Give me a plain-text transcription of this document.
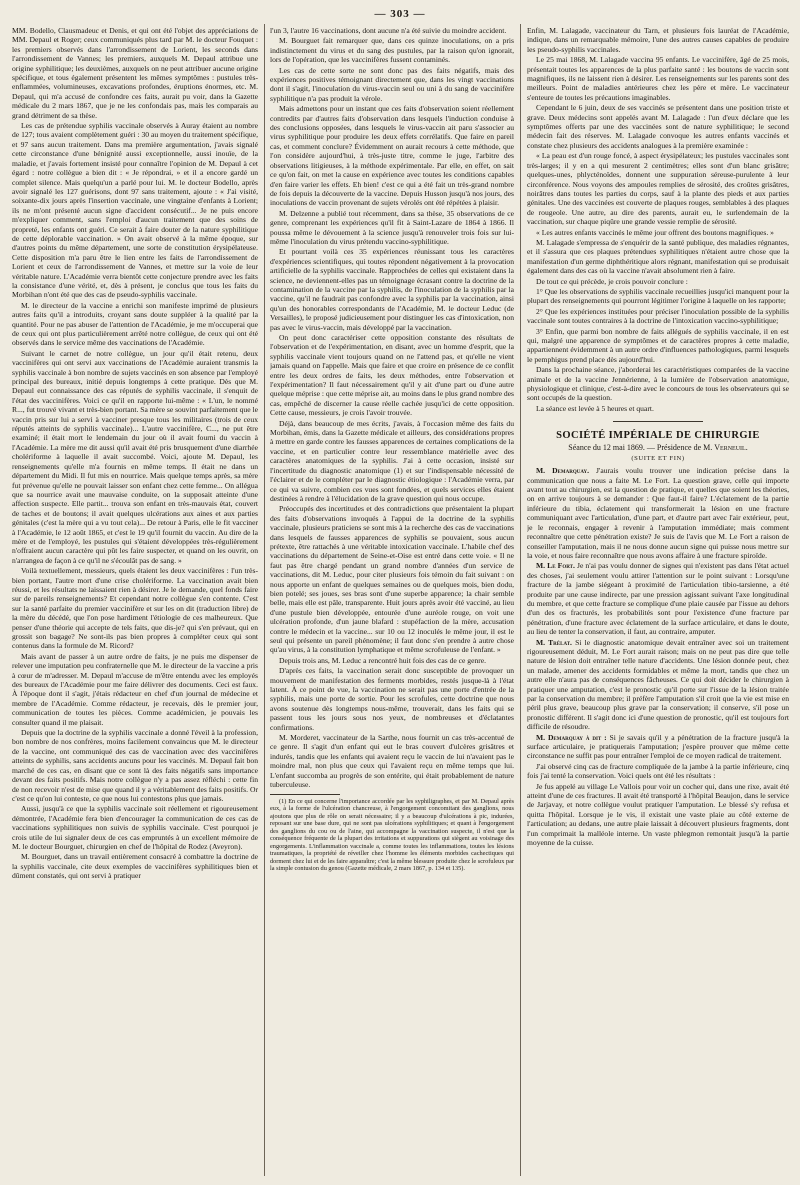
— 303 —

MM. Bodello, Clausmadeuc et Denis, et qui ont été l'objet des appréciations de MM. Depaul et Roger; ceux communiqués plus tard par M. le docteur Fouquet : les premiers observés dans l'arrondissement de Lorient, les seconds dans l'arrondissement de Vannes; les premiers, auxquels M. Depaul attribue une origine syphilitique; les deuxièmes, auxquels on ne peut attribuer aucune origine spécifique, et tous également présentent les mêmes symptômes : pustules très-enflammées, volumineuses, excavations profondes, éruptions énormes, etc. M. Depaul, qui m'a accusé de confondre ces faits, aurait pu voir, dans la Gazette médicale du 2 mars 1867, que je ne les confondais pas, mais les comparais au grand détriment de sa thèse.

Les cas de prétendue syphilis vaccinale observés à Auray étaient au nombre de 127; tous avaient complètement guéri : 30 au moyen du traitement spécifique, et 97 sans aucun traitement. Dans ma première argumentation, j'avais signalé cette circonstance d'une bénignité aussi exceptionnelle, aussi inouïe, de la maladie, et j'avais fortement insisté pour connaître l'opinion de M. Depaul à cet égard : notre collègue a bien dit : « Je répondrai, » et il a encore gardé un complet silence. Mais quelqu'un a parlé pour lui. M. le docteur Bodello, après avoir signalé les 127 guérisons, dont 97 sans traitement, ajoute : « J'ai visité, soixante-dix jours après l'insertion vaccinale, une vingtaine d'enfants à Lorient; ils ne m'ont présenté aucun signe d'accident consécutif... Je ne puis encore m'expliquer comment, sans l'emploi d'aucun traitement que des soins de propreté, les enfants ont guéri. Ce serait à faire douter de la nature syphilitique de cette déplorable vaccination. » On avait observé à la même époque, sur d'autres points du même département, une sorte de constitution érysipélateuse. Cette disposition m'a paru être le lien entre les faits de l'arrondissement de Lorient et ceux de l'arrondissement de Vannes, et mettre sur la voie de leur véritable nature. L'Académie verra bientôt cette conjecture prendre avec les faits la consistance d'une vérité, et, dès à présent, je conclus que tous les faits du Morbihan n'ont été que des cas de pseudo-syphilis vaccinale.

M. le directeur de la vaccine a enrichi son manifeste imprimé de plusieurs autres faits qu'il a introduits, croyant sans doute suppléer à la qualité par la quantité. Pour ne pas abuser de l'attention de l'Académie, je me m'occuperai que de ceux qui ont plus particulièrement arrêté notre collègue, de ceux qui ont été observés dans le service même des vaccinations de l'Académie.

Suivant le carnet de notre collègue, un jour qu'il était retenu, deux vaccinifères qui ont servi aux vaccinations de l'Académie auraient transmis la syphilis vaccinale à bon nombre de sujets vaccinés en son absence par l'employé principal des bureaux, initié depuis longtemps à cette pratique. Dès que M. Depaul eut connaissance des cas réputés de syphilis vaccinale, il s'enquit de l'état des vaccinifères. Voici ce qu'il en rapporte lui-même : « L'un, le nommé R..., fut trouvé vivant et très-bien portant. Sa mère se souvint parfaitement que le vaccin pris sur lui a servi à vacciner presque tous les militaires (trois de ceux réputés atteints de syphilis vaccinale)... L'autre vaccinifère, C..., ne put être examiné; il était mort le lendemain du jour où il avait fourni du vaccin à l'Académie. La mère me dit aussi qu'il avait été pris brusquement d'une diarrhée cholériforme à laquelle il avait succombé. Voici, ajoute M. Depaul, les renseignements qu'elle m'a fournis en même temps. Il était ne dans un département du Midi. Il fut mis en nourrice. Mais quelque temps après, sa mère fut prévenue qu'elle ne pouvait laisser son enfant chez cette femme... On allégua que sa nourrice avait une mauvaise conduite, on la supposait atteinte d'une affection suspecte. Elle partit... trouva son enfant en très-mauvais état, couvert de taches et de boutons; il avait quelques ulcérations aux aines et aux parties génitales (c'est la mère qui a vu tout cela)... De retour à Paris, elle le fit vacciner à l'Académie, le 12 août 1865, et c'est le 19 qu'il fournit du vaccin. Au dire de la mère et de l'employé, les pustules qui s'étaient développées très-régulièrement n'offraient aucun caractère qui pût les faire suspecter, et quand on les ouvrit, on n'arrangea de façon à ce qu'il ne s'écoulât pas de sang. »

Voilà textuellement, messieurs, quels étaient les deux vaccinifères : l'un très-bien portant, l'autre mort d'une crise cholériforme. La vaccination avait bien réussi, et les résultats ne laissaient rien à désirer. Je le demande, quel fonds faire sur de pareils renseignements? Et cependant notre collègue s'en contente. C'est sur la santé parfaite du premier vaccinifère et sur les on dit (traduction libre) de la mère du décédé, que l'on pose hardiment l'étiologie de ces malheureux. Que penser d'une théorie qui accepte de tels faits, que dis-je? qui s'en prévaut, qui en grossit son bagage? Ne sont-ils pas bien propres à compléter ceux qui sont contenus dans la formule de M. Ricord?

Mais avant de passer à un autre ordre de faits, je ne puis me dispenser de relever une imputation peu confraternelle que M. le directeur de la vaccine a pris à cœur de m'adresser. M. Depaul m'accuse de m'être entendu avec les employés des bureaux de l'Académie pour me faire délivrer des documents. Ceci est faux. À l'époque dont il s'agit, j'étais rédacteur en chef d'un journal de médecine et membre de l'Académie. Comme rédacteur, je recevais, dès le premier jour, communication de toutes les pièces. Comme académicien, je pouvais les consulter quand il me plaisait.

Depuis que la doctrine de la syphilis vaccinale a donné l'éveil à la profession, bon nombre de nos confrères, moins facilement convaincus que M. le directeur de la vaccine, ont communiqué des cas de vaccination avec des vaccinifères atteints de syphilis, sans accidents aucuns pour les vaccinés. M. Depaul fait bon marché de ces cas, en disant que ce sont là des faits négatifs sans importance devant des faits positifs. Mais notre collègue n'y a pas assez réfléchi : cette fin de non recevoir n'est de mise que quand il y a véritablement des faits positifs. Or c'est ce qu'on lui conteste, ce que nous lui contestons plus que jamais.

Aussi, jusqu'à ce que la syphilis vaccinale soit réellement et rigoureusement démontrée, l'Académie fera bien d'encourager la communication de ces cas de vaccinations syphilitiques non suivis de syphilis vaccinale. C'est pourquoi je crois utile de lui signaler deux de ces cas empruntés à un excellent mémoire de M. le docteur Bourguet, chirurgien en chef de l'hôpital de Rodez (Aveyron).

M. Bourguet, dans un travail entièrement consacré à combattre la doctrine de la syphilis vaccinale, cite deux exemples de vaccinifères syphilitiques bien et dûment constatés, qui ont servi à pratiquer

l'un 3, l'autre 16 vaccinations, dont aucune n'a été suivie du moindre accident.

M. Bourguet fait remarquer que, dans ces quinze inoculations, on a pris indistinctement du virus et du sang des pustules, par la raison qu'on ignorait, lors de l'opération, que les vaccinifères fussent contaminés.

Les cas de cette sorte ne sont donc pas des faits négatifs, mais des expériences positives témoignant directement que, dans les vingt vaccinations dont il s'agit, l'inoculation du virus-vaccin seul ou uni à du sang de vaccinifère syphilitique n'a pas produit la vérole.

Mais admettons pour un instant que ces faits d'observation soient réellement contredits par d'autres faits d'observation dans lesquels l'induction conduise à des conclusions opposées, dans lesquels le virus-vaccin ait paru s'associer au virus syphilitique pour produire les deux effets corrélatifs. Que faire en pareil cas, et comment conclure? Évidemment on aurait recours à cette méthode, que l'on considère aujourd'hui, à très-juste titre, comme le juge, l'arbitre des observations litigieuses, à la méthode expérimentale. Par elle, en effet, on sait ce qu'on fait, on met la cause en expérience avec toutes les conditions capables d'en faire varier les effets. Eh bien! c'est ce qui a été fait un très-grand nombre de fois depuis la découverte de la vaccine. Depuis Husson jusqu'à nos jours, des inoculations de vaccin provenant de sujets vérolés ont été répétées à plaisir.

M. Delzenne a publié tout récemment, dans sa thèse, 35 observations de ce genre, comprenant les expériences qu'il fit à Saint-Lazare de 1864 à 1866. Il poussa même le dévouement à la science jusqu'à renouveler trois fois sur lui-même l'inoculation du virus prétendu vaccino-syphilitique.

Et pourtant voilà ces 35 expériences réunissant tous les caractères d'expériences scientifiques, qui toutes répondent négativement à la provocation artificielle de la syphilis vaccinale. Rapprochées de celles qui existaient dans la science, ne deviennent-elles pas un témoignage écrasant contre la doctrine de la contamination de la vaccine par la syphilis, de l'inoculation de la syphilis par la vaccine, qu'il ne faudrait pas confondre avec la syphilis par la vaccination, ainsi qu'un des honorables correspondants de l'Académie, M. le docteur Leduc (de Versailles), le proposé judicieusement pour distinguer les cas d'intoxication, non pas avec le virus-vaccin, mais développé par la vaccination.

On peut donc caractériser cette opposition constante des résultats de l'observation et de l'expérimentation, en disant, avec un homme d'esprit, que la syphilis vaccinale vient toujours quand on ne l'attend pas, et qu'elle ne vient jamais quand on l'appelle. Mais que faire et que croire en présence de ce conflit entre les deux ordres de faits, les deux méthodes, entre l'observation et l'expérimentation? Il faut nécessairement qu'il y ait d'une part ou d'une autre quelque méprise : que cette méprise ait, au moins dans le plus grand nombre des cas, empêché de discerner la cause réelle cachée jusqu'ici de cette opposition. Cette cause, messieurs, je crois l'avoir trouvée.

Déjà, dans beaucoup de mes écrits, j'avais, à l'occasion même des faits du Morbihan, émis, dans la Gazette médicale et ailleurs, des considérations propres à mettre en garde contre les fausses apparences de certaines complications de la vaccine, et en particulier contre leur ressemblance matérielle avec des caractères anatomiques de la syphilis. J'ai à cette occasion, insisté sur l'incertitude du diagnostic anatomique (1) et sur l'indispensable nécessité de l'éclairer et de le compléter par le diagnostic étiologique : l'Académie verra, par ce qui va suivre, combien ces vues sont fondées, et quels services elles étaient destinées à rendre à l'élucidation de la grave question qui nous occupe.

Préoccupés des incertitudes et des contradictions que présentaient la plupart des faits d'observations invoqués à l'appui de la doctrine de la syphilis vaccinale, plusieurs praticiens se sont mis à la recherche des cas de vaccinations dans lesquels de fausses apparences de syphilis se pouvaient, sous aucun prétexte, être rattachés à une véritable intoxication vaccinale. L'habile chef des vaccinations du département de Seine-et-Oise est entré dans cette voie. « Il ne faut pas être chargé pendant un grand nombre d'années d'un service de vaccinations, dit M. Leduc, pour citer plusieurs fois témoin du fait suivant : on nous apporte un enfant de quelques semaines ou de quelques mois, bien dodu, bien potelé; ses joues, ses bras sont d'une superbe apparence; la chair semble belle, mais elle est pâle, transparente. Huit jours après avoir été vacciné, au lieu d'une pustule bien développée, entourée d'une auréole rouge, on voit une ulcération profonde, d'un jaune blafard : stupéfaction de la mère, accusation contre le médecin et la vaccine... sur 10 ou 12 inoculés le même jour, il est le seul qui présente un pareil phénomène; il faut donc s'en prendre à autre chose qu'au virus, à la constitution lymphatique et même scrofuleuse de l'enfant. »

Depuis trois ans, M. Leduc a rencontré huit fois des cas de ce genre.

D'après ces faits, la vaccination serait donc susceptible de provoquer un mouvement de manifestation des ferments morbides, restés jusque-là à l'état latent. À ce point de vue, la vaccination ne serait pas une porte d'entrée de la syphilis, mais une porte de sortie. Pour les scrofules, cette doctrine que nous avons soutenue dès longtemps nous-même, trouverait, dans les faits qui se passent tous les jours sous nos yeux, de nombreuses et d'éclatantes confirmations.

M. Morderet, vaccinateur de la Sarthe, nous fournit un cas très-accentué de ce genre. Il s'agit d'un enfant qui eut le bras couvert d'ulcères grisâtres et indurés, tandis que les enfants qui avaient reçu le vaccin de lui n'avaient pas le moindre mal, non plus que ceux qui l'avaient reçu en même temps que lui. L'enfant succomba au progrès de son entérite, qui était probablement de nature tuberculeuse.

(1) En ce qui concerne l'importance accordée par les syphiligraphes, et par M. Depaul après eux, à la forme de l'ulcération chancreuse, à l'engorgement concomitant des ganglions, nous ajoutons que plus de rôle on serait nécessaire; il y a beaucoup d'ulcérations à pic, indurées, reposant sur une base dure, qui ne sont pas ulcérations syphilitiques; et quant à l'engorgement des ganglions du cou ou de l'aine, qui accompagne la vaccination suspecte, il n'est que la conséquence fréquente de la plupart des irritations et suppurations qui siègent au voisinage des engorgements. L'inflammation vaccinale a, comme toutes les inflammations, toutes les lésions traumatiques, la propriété de réveiller chez l'homme les éléments morbides cachectiques qui dorment chez lui et de les faire apparaître; c'est la même blessure produite chez le scrofuleux par la simple contusion du genou (Gazette médicale, 2 mars 1867, p. 134 et 135).

Enfin, M. Lalagade, vaccinateur du Tarn, et plusieurs fois lauréat de l'Académie, indique, dans un remarquable mémoire, l'une des autres causes capables de produire les pseudo-syphilis vaccinales.

Le 25 mai 1868, M. Lalagade vaccina 95 enfants. Le vaccinifère, âgé de 25 mois, présentait toutes les apparences de la plus parfaite santé : les boutons de vaccin sont magnifiques, ils ne laissent rien à désirer. Les renseignements sur les parents sont des meilleurs. Point de maladies antérieures chez les père et mère. Le vaccinateur s'enteure de toutes les précautions imaginables.

Cependant le 6 juin, deux de ses vaccinés se présentent dans une position triste et grave. Deux médecins sont appelés avant M. Lalagade : l'un d'eux déclare que les symptômes offerts par une des vaccinées sont de nature syphilitique; le second médecin fait des réserves. M. Lalagade convoque les autres enfants vaccinés et constate chez plusieurs des accidents analogues à la première examinée :

« La peau est d'un rouge foncé, à aspect érysipélateux; les pustules vaccinales sont très-larges; il y en a qui mesurent 2 centimètres; elles sont d'un blanc grisâtre; quelques-unes, phlycténoïdes, donnent une suppuration séreuse-purulente à leur circonférence. Nous voyons des ampoules remplies de sérosité, des croûtes grisâtres, noirâtres dans toutes les parties du corps, sauf à la plante des pieds et aux parties génitales. Une des vaccinées est couverte de plaques rouges, semblables à des plaques de rougeole. Une autre, au dire des parents, aurait eu, le surlendemain de la vaccination, sur chaque piqûre une grande vessie remplie de sérosité.

« Les autres enfants vaccinés le même jour offrent des boutons magnifiques. »

M. Lalagade s'empressa de s'enquérir de la santé publique, des maladies régnantes, et il s'assura que ces plaques prétendues syphilitiques n'étaient autre chose que la manifestation d'un germe diphthéritique alors régnant, manifestation qui se produisait également dans des cas où la vaccine n'avait absolument rien à faire.

De tout ce qui précède, je crois pouvoir conclure :

1° Que les observations de syphilis vaccinale recueillies jusqu'ici manquent pour la plupart des renseignements qui pourront légitimer l'origine à laquelle on les rapporte;

2° Que les expériences instituées pour préciser l'inoculation possible de la syphilis vaccinale sont toutes contraires à la doctrine de l'intoxication vaccino-syphilitique;

3° Enfin, que parmi bon nombre de faits allégués de syphilis vaccinale, il en est qui, malgré une apparence de symptômes et de caractères propres à cette maladie, appartiennent évidemment à un autre ordre d'influences pathologiques, parmi lesquels le pemphigus prend place dès aujourd'hui.

Dans la prochaine séance, j'aborderai les caractéristiques comparées de la vaccine animale et de la vaccine Jennérienne, à la lumière de l'observation anatomique, physiologique et clinique, c'est-à-dire avec le concours de tous les observateurs qui se sont occupés de la question.

La séance est levée à 5 heures et quart.

SOCIÉTÉ IMPÉRIALE DE CHIRURGIE
Séance du 12 mai 1869. — Présidence de M. Verneuil.
(SUITE ET FIN)

M. Demarquay. J'aurais voulu trouver une indication précise dans la communication que nous a faite M. Le Fort. La question grave, celle qui importe avant tout au chirurgien, est la question de pratique, et quelles que soient les théories, on en arrive toujours à se demander : Que faut-il faire? L'éclatement de la partie inférieure du tibia, éclatement qui transformerait la lésion en une fracture communiquant avec l'articulation, d'une part, et d'autre part avec l'air extérieur, peut, je le reconnais, engager à revenir à l'amputation immédiate; mais comment reconnaître que cette pénétration existe? Je suis de l'avis que M. Le Fort a raison de conseiller l'amputation, mais il ne nous donne aucun signe qui puisse nous mettre sur la voie, et nous faire reconnaître que nous avons affaire à une fracture spiroïde.

M. Le Fort. Je n'ai pas voulu donner de signes qui n'existent pas dans l'état actuel des choses, j'ai seulement voulu attirer l'attention sur le point suivant : Lorsqu'une fracture de la jambe siégeant à proximité de l'articulation tibio-tarsienne, a été produite par une cause indirecte, par une pression agissant suivant l'axe longitudinal du membre, et que cette fracture se complique d'une plaie causée par l'issue au dehors d'un des os fracturés, les probabilités sont pour l'existence d'une fracture par pénétration, d'une fracture avec éclatement de la surface articulaire, et dans le doute, au lieu de tenter la conservation, il faut, au contraire, amputer.

M. Trélat. Si le diagnostic anatomique devait entraîner avec soi un traitement rigoureusement déduit, M. Le Fort aurait raison; mais on ne peut pas dire que telle nature de lésion doit entraîner telle nature d'accidents. Une lésion donnée peut, chez un malade, amener des accidents formidables et même la mort, tandis que chez un autre elle n'aura pas de conséquences fâcheuses. Ce qui doit décider le chirurgien à pratiquer une amputation, c'est le pronostic qu'il porte sur l'issue de la lésion traitée par la conservation du membre; il préfère l'amputation s'il croit que la vie est mise en péril plus grave, beaucoup plus grave par la conservation; il conserve, s'il pose un pronostic différent. Il s'agit donc ici d'une question de pronostic, qu'il est toujours fort difficile de résoudre.

M. Demarquay à dit : Si je savais qu'il y a pénétration de la fracture jusqu'à la surface articulaire, je pratiquerais l'amputation; j'espère prouver que même cette circonstance ne suffit pas pour entraîner l'emploi de ce moyen radical de traitement.

J'ai observé cinq cas de fracture compliquée de la jambe à la partie inférieure, cinq fois j'ai tenté la conservation. Voici quels ont été les résultats :

Je fus appelé au village Le Vallois pour voir un cocher qui, dans une rixe, avait été atteint d'une de ces fractures. Il avait été transporté à l'hôpital Beaujon, dans le service de Jarjavay, et notre collègue voulut pratiquer l'amputation. Le blessé s'y refusa et quitta l'hôpital. Lorsque je le vis, il existait une vaste plaie au côté externe de l'articulation; au dedans, une autre plaie laissait à découvert plusieurs fragments, dont l'un comprimait la malléole interne. Un vaste phlegmon remontait jusqu'à la partie moyenne de la cuisse.
